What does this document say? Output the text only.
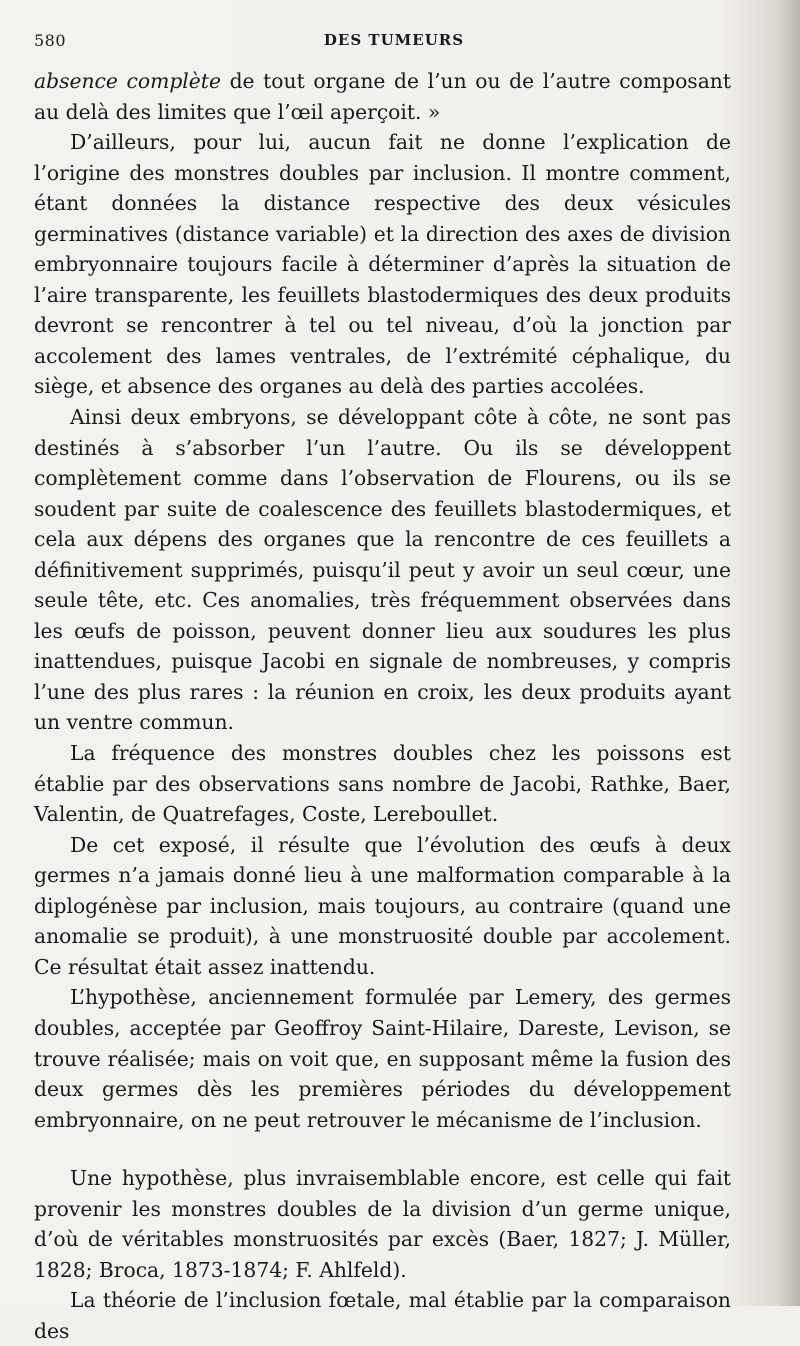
580	DES TUMEURS

absence complète de tout organe de l’un ou de l’autre composant au delà des limites que l’œil aperçoit. »

D’ailleurs, pour lui, aucun fait ne donne l’explication de l’origine des monstres doubles par inclusion. Il montre comment, étant données la distance respective des deux vésicules germinatives (distance variable) et la direction des axes de division embryonnaire toujours facile à déterminer d’après la situation de l’aire transparente, les feuillets blastodermiques des deux produits devront se rencontrer à tel ou tel niveau, d’où la jonction par accolement des lames ventrales, de l’extrémité céphalique, du siège, et absence des organes au delà des parties accolées.

Ainsi deux embryons, se développant côte à côte, ne sont pas destinés à s’absorber l’un l’autre. Ou ils se développent complètement comme dans l’observation de Flourens, ou ils se soudent par suite de coalescence des feuillets blastodermiques, et cela aux dépens des organes que la rencontre de ces feuillets a définitivement supprimés, puisqu’il peut y avoir un seul cœur, une seule tête, etc. Ces anomalies, très fréquemment observées dans les œufs de poisson, peuvent donner lieu aux soudures les plus inattendues, puisque Jacobi en signale de nombreuses, y compris l’une des plus rares : la réunion en croix, les deux produits ayant un ventre commun.

La fréquence des monstres doubles chez les poissons est établie par des observations sans nombre de Jacobi, Rathke, Baer, Valentin, de Quatrefages, Coste, Lereboullet.

De cet exposé, il résulte que l’évolution des œufs à deux germes n’a jamais donné lieu à une malformation comparable à la diplogénèse par inclusion, mais toujours, au contraire (quand une anomalie se produit), à une monstruosité double par accolement. Ce résultat était assez inattendu.

L’hypothèse, anciennement formulée par Lemery, des germes doubles, acceptée par Geoffroy Saint-Hilaire, Dareste, Levison, se trouve réalisée; mais on voit que, en supposant même la fusion des deux germes dès les premières périodes du développement embryonnaire, on ne peut retrouver le mécanisme de l’inclusion.

Une hypothèse, plus invraisemblable encore, est celle qui fait provenir les monstres doubles de la division d’un germe unique, d’où de véritables monstruosités par excès (Baer, 1827; J. Müller, 1828; Broca, 1873-1874; F. Ahlfeld).

La théorie de l’inclusion fœtale, mal établie par la comparaison des
